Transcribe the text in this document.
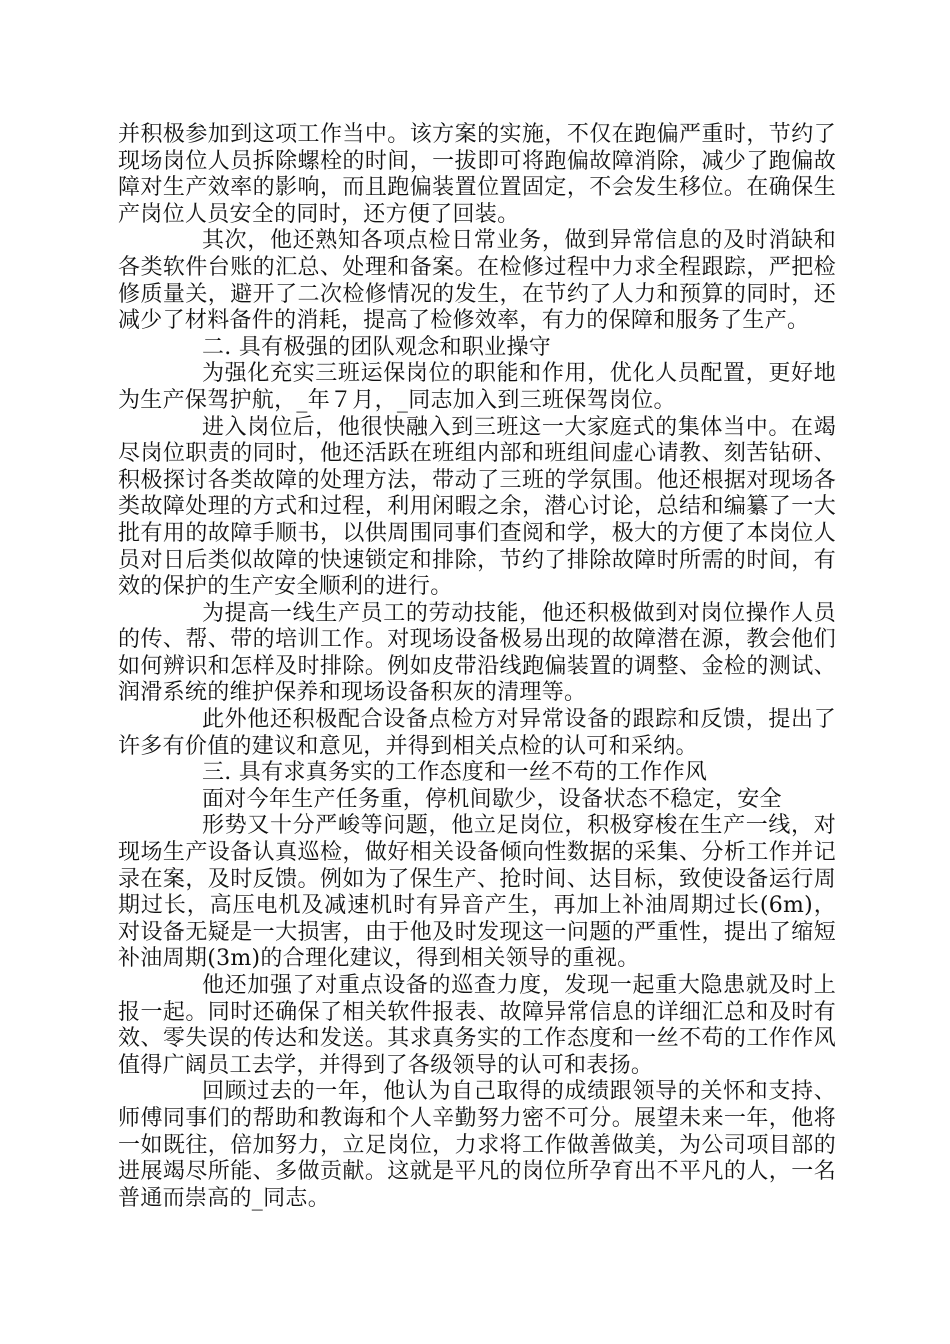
并积极参加到这项工作当中。该方案的实施，不仅在跑偏严重时，节约了现场岗位人员拆除螺栓的时间，一拔即可将跑偏故障消除，减少了跑偏故障对生产效率的影响，而且跑偏装置位置固定，不会发生移位。在确保生产岗位人员安全的同时，还方便了回装。

其次，他还熟知各项点检日常业务，做到异常信息的及时消缺和各类软件台账的汇总、处理和备案。在检修过程中力求全程跟踪，严把检修质量关，避开了二次检修情况的发生，在节约了人力和预算的同时，还减少了材料备件的消耗，提高了检修效率，有力的保障和服务了生产。

二. 具有极强的团队观念和职业操守

为强化充实三班运保岗位的职能和作用，优化人员配置，更好地为生产保驾护航，_年７月，_同志加入到三班保驾岗位。

进入岗位后，他很快融入到三班这一大家庭式的集体当中。在竭尽岗位职责的同时，他还活跃在班组内部和班组间虚心请教、刻苦钻研、积极探讨各类故障的处理方法，带动了三班的学氛围。他还根据对现场各类故障处理的方式和过程，利用闲暇之余，潜心讨论，总结和编纂了一大批有用的故障手顺书，以供周围同事们查阅和学，极大的方便了本岗位人员对日后类似故障的快速锁定和排除，节约了排除故障时所需的时间，有效的保护的生产安全顺利的进行。

为提高一线生产员工的劳动技能，他还积极做到对岗位操作人员的传、帮、带的培训工作。对现场设备极易出现的故障潜在源，教会他们如何辨识和怎样及时排除。例如皮带沿线跑偏装置的调整、金检的测试、润滑系统的维护保养和现场设备积灰的清理等。

此外他还积极配合设备点检方对异常设备的跟踪和反馈，提出了许多有价值的建议和意见，并得到相关点检的认可和采纳。

三. 具有求真务实的工作态度和一丝不苟的工作作风

面对今年生产任务重，停机间歇少，设备状态不稳定，安全

形势又十分严峻等问题，他立足岗位，积极穿梭在生产一线，对现场生产设备认真巡检，做好相关设备倾向性数据的采集、分析工作并记录在案，及时反馈。例如为了保生产、抢时间、达目标，致使设备运行周期过长，高压电机及减速机时有异音产生，再加上补油周期过长(6m)，对设备无疑是一大损害，由于他及时发现这一问题的严重性，提出了缩短补油周期(3m)的合理化建议，得到相关领导的重视。

他还加强了对重点设备的巡查力度，发现一起重大隐患就及时上报一起。同时还确保了相关软件报表、故障异常信息的详细汇总和及时有效、零失误的传达和发送。其求真务实的工作态度和一丝不苟的工作作风值得广阔员工去学，并得到了各级领导的认可和表扬。

回顾过去的一年，他认为自己取得的成绩跟领导的关怀和支持、师傅同事们的帮助和教诲和个人辛勤努力密不可分。展望未来一年，他将一如既往，倍加努力，立足岗位，力求将工作做善做美，为公司项目部的进展竭尽所能、多做贡献。这就是平凡的岗位所孕育出不平凡的人，一名普通而崇高的_同志。
